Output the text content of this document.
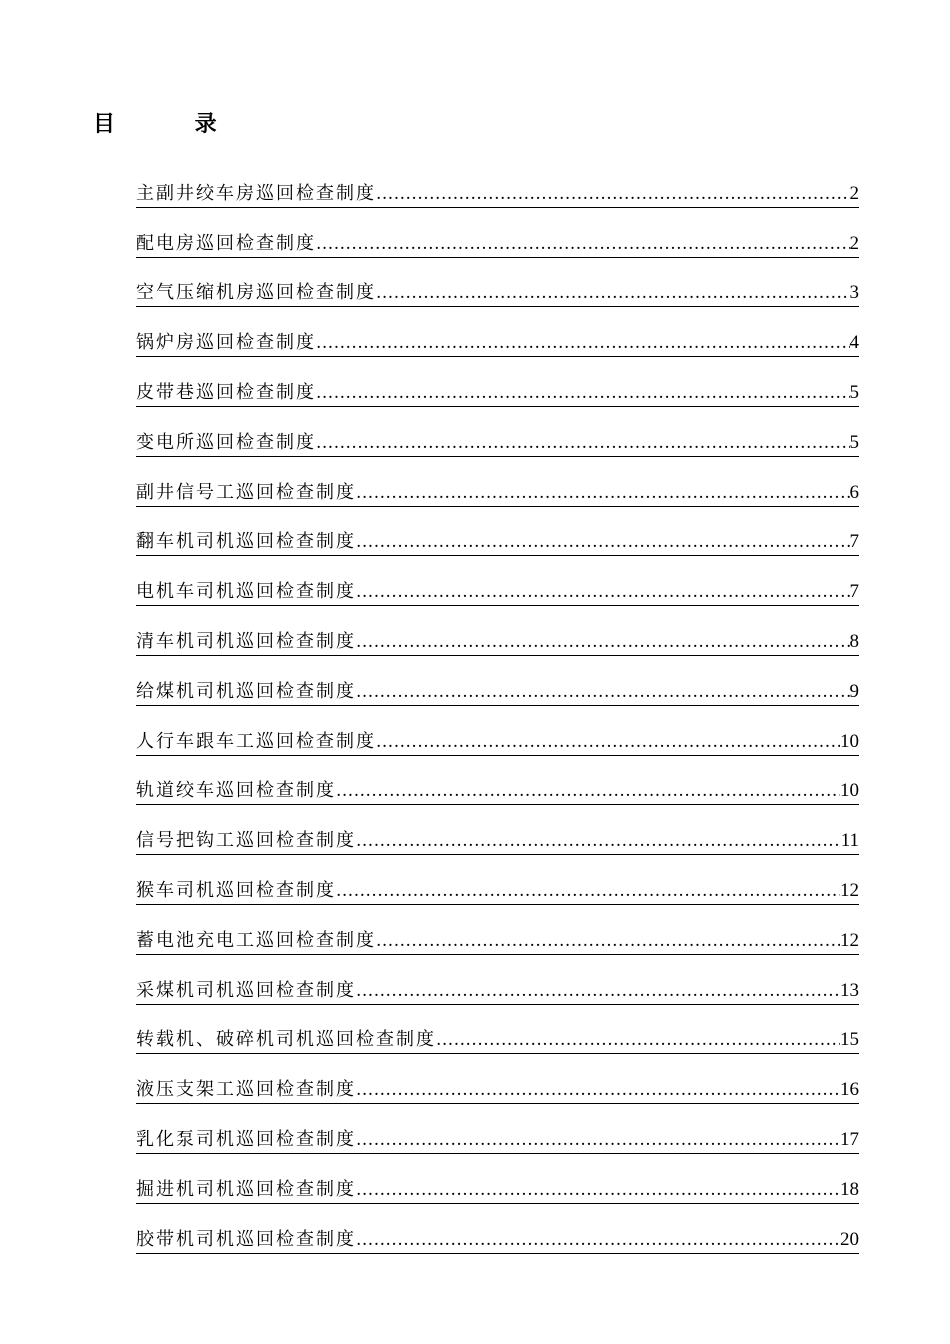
目 录
主副井绞车房巡回检查制度 .....	2
配电房巡回检查制度 .....	2
空气压缩机房巡回检查制度 .....	3
锅炉房巡回检查制度 .....	4
皮带巷巡回检查制度 .....	5
变电所巡回检查制度 .....	5
副井信号工巡回检查制度 .....	6
翻车机司机巡回检查制度 .....	7
电机车司机巡回检查制度 .....	7
清车机司机巡回检查制度 .....	8
给煤机司机巡回检查制度 .....	9
人行车跟车工巡回检查制度 .....	10
轨道绞车巡回检查制度 .....	10
信号把钩工巡回检查制度 .....	11
猴车司机巡回检查制度 .....	12
蓄电池充电工巡回检查制度 .....	12
采煤机司机巡回检查制度 .....	13
转载机、破碎机司机巡回检查制度 .....	15
液压支架工巡回检查制度 .....	16
乳化泵司机巡回检查制度 .....	17
掘进机司机巡回检查制度 .....	18
胶带机司机巡回检查制度 .....	20
